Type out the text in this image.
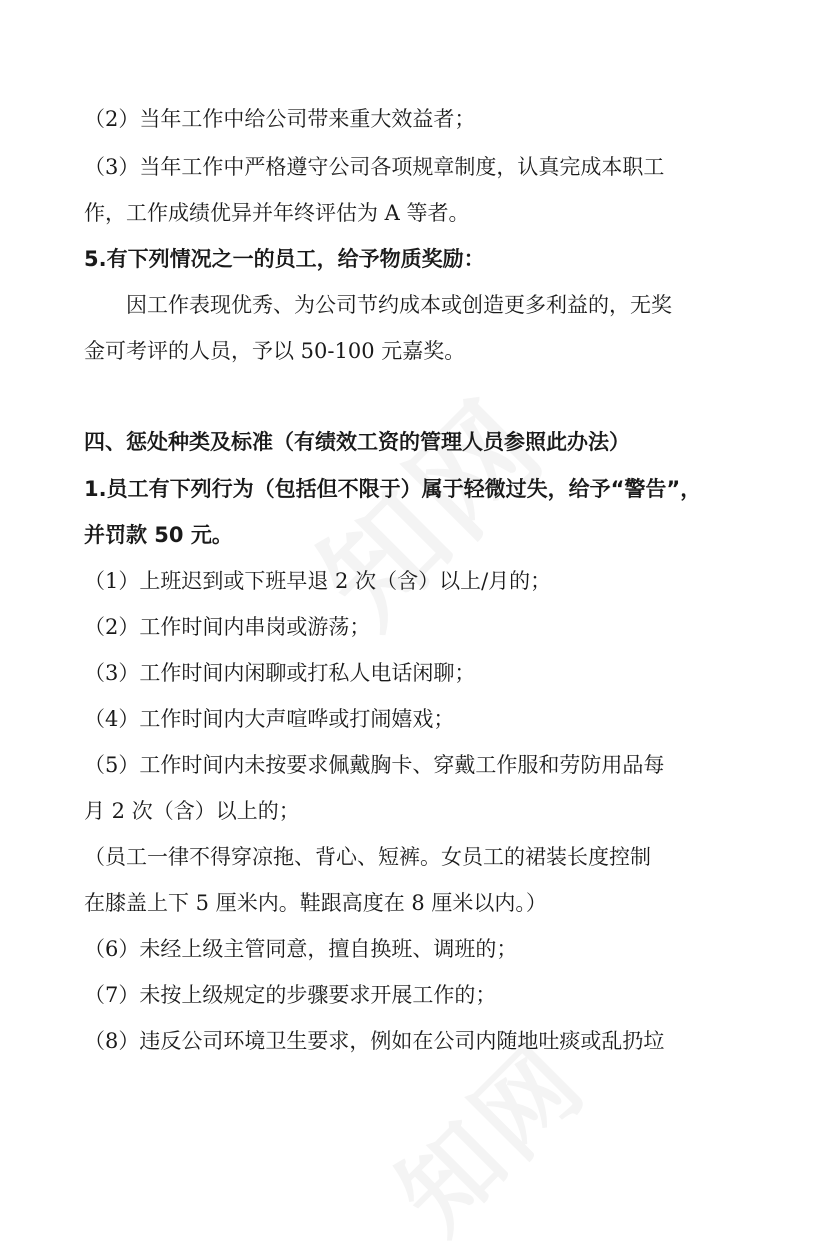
（2）当年工作中给公司带来重大效益者；
（3）当年工作中严格遵守公司各项规章制度，认真完成本职工
作，工作成绩优异并年终评估为 A 等者。
5.有下列情况之一的员工，给予物质奖励：
因工作表现优秀、为公司节约成本或创造更多利益的，无奖
金可考评的人员，予以 50-100 元嘉奖。
四、惩处种类及标准（有绩效工资的管理人员参照此办法）
1.员工有下列行为（包括但不限于）属于轻微过失，给予“警告”，
并罚款 50 元。
（1）上班迟到或下班早退 2 次（含）以上/月的；
（2）工作时间内串岗或游荡；
（3）工作时间内闲聊或打私人电话闲聊；
（4）工作时间内大声喧哗或打闹嬉戏；
（5）工作时间内未按要求佩戴胸卡、穿戴工作服和劳防用品每
月 2 次（含）以上的；
（员工一律不得穿凉拖、背心、短裤。女员工的裙装长度控制
在膝盖上下 5 厘米内。鞋跟高度在 8 厘米以内。）
（6）未经上级主管同意，擅自换班、调班的；
（7）未按上级规定的步骤要求开展工作的；
（8）违反公司环境卫生要求，例如在公司内随地吐痰或乱扔垃
